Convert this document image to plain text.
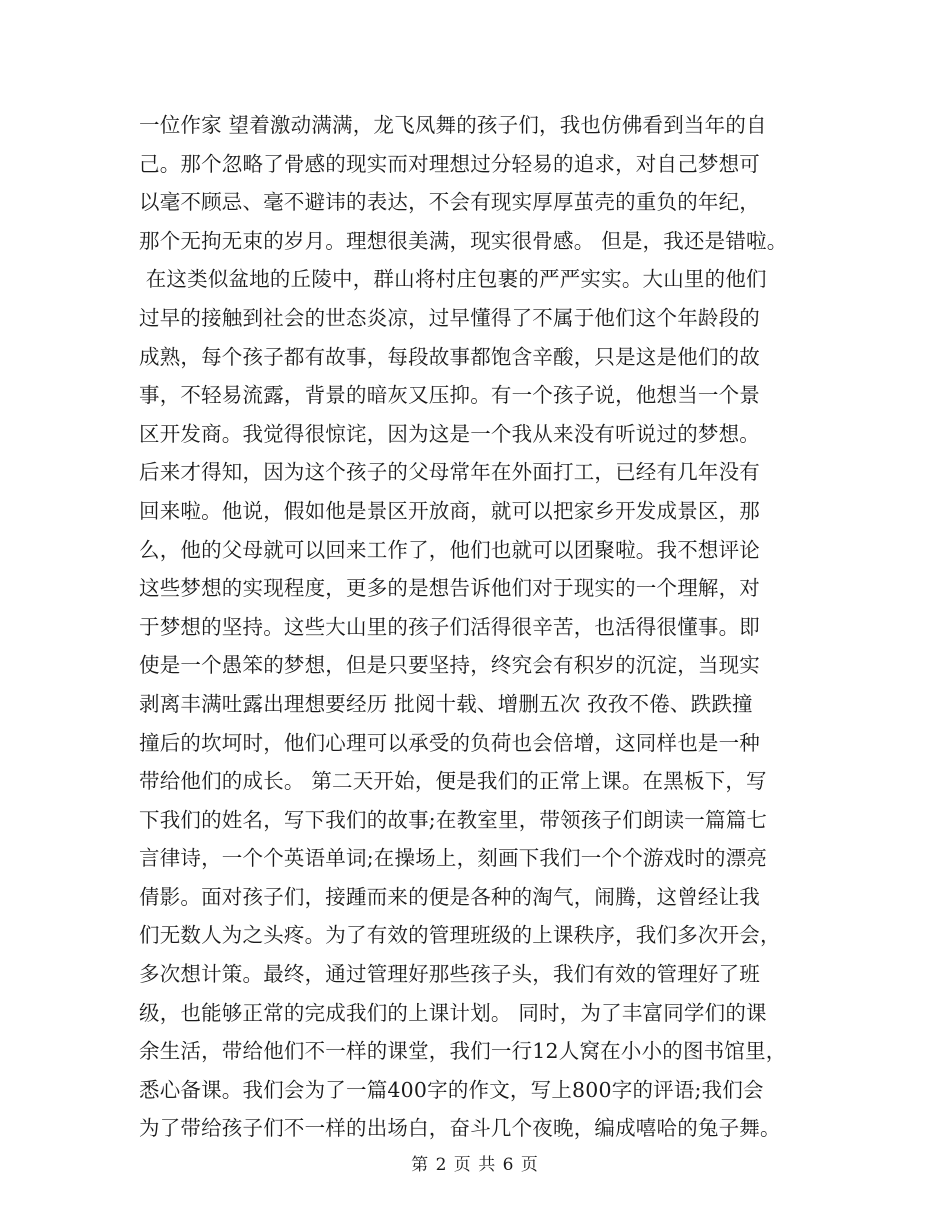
一位作家 望着激动满满，龙飞凤舞的孩子们，我也仿佛看到当年的自
己。那个忽略了骨感的现实而对理想过分轻易的追求，对自己梦想可
以毫不顾忌、毫不避讳的表达，不会有现实厚厚茧壳的重负的年纪，
那个无拘无束的岁月。理想很美满，现实很骨感。 但是，我还是错啦。
在这类似盆地的丘陵中，群山将村庄包裹的严严实实。大山里的他们
过早的接触到社会的世态炎凉，过早懂得了不属于他们这个年龄段的
成熟，每个孩子都有故事，每段故事都饱含辛酸，只是这是他们的故
事，不轻易流露，背景的暗灰又压抑。有一个孩子说，他想当一个景
区开发商。我觉得很惊诧，因为这是一个我从来没有听说过的梦想。
后来才得知，因为这个孩子的父母常年在外面打工，已经有几年没有
回来啦。他说，假如他是景区开放商，就可以把家乡开发成景区，那
么，他的父母就可以回来工作了，他们也就可以团聚啦。我不想评论
这些梦想的实现程度，更多的是想告诉他们对于现实的一个理解，对
于梦想的坚持。这些大山里的孩子们活得很辛苦，也活得很懂事。即
使是一个愚笨的梦想，但是只要坚持，终究会有积岁的沉淀，当现实
剥离丰满吐露出理想要经历 批阅十载、增删五次 孜孜不倦、跌跌撞
撞后的坎坷时，他们心理可以承受的负荷也会倍增，这同样也是一种
带给他们的成长。 第二天开始，便是我们的正常上课。在黑板下，写
下我们的姓名，写下我们的故事;在教室里，带领孩子们朗读一篇篇七
言律诗，一个个英语单词;在操场上，刻画下我们一个个游戏时的漂亮
倩影。面对孩子们，接踵而来的便是各种的淘气，闹腾，这曾经让我
们无数人为之头疼。为了有效的管理班级的上课秩序，我们多次开会，
多次想计策。最终，通过管理好那些孩子头，我们有效的管理好了班
级，也能够正常的完成我们的上课计划。 同时，为了丰富同学们的课
余生活，带给他们不一样的课堂，我们一行12人窝在小小的图书馆里，
悉心备课。我们会为了一篇400字的作文，写上800字的评语;我们会
为了带给孩子们不一样的出场白，奋斗几个夜晚，编成嘻哈的兔子舞。
第 2 页 共 6 页
